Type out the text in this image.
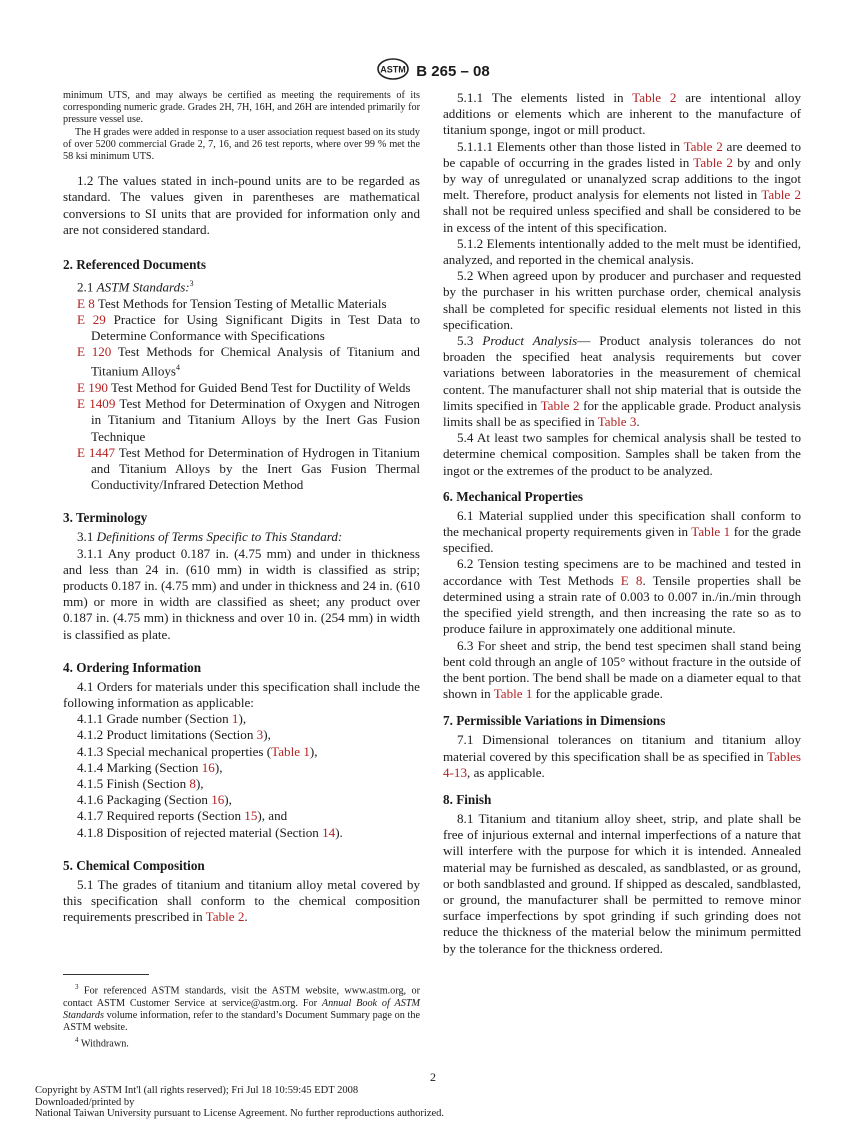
ASTM B 265 – 08

minimum UTS, and may always be certified as meeting the requirements of its corresponding numeric grade. Grades 2H, 7H, 16H, and 26H are intended primarily for pressure vessel use.

The H grades were added in response to a user association request based on its study of over 5200 commercial Grade 2, 7, 16, and 26 test reports, where over 99 % met the 58 ksi minimum UTS.

1.2 The values stated in inch-pound units are to be regarded as standard. The values given in parentheses are mathematical conversions to SI units that are provided for information only and are not considered standard.

2. Referenced Documents

2.1 ASTM Standards:$^3$

E 8 Test Methods for Tension Testing of Metallic Materials

E 29 Practice for Using Significant Digits in Test Data to Determine Conformance with Specifications

E 120 Test Methods for Chemical Analysis of Titanium and Titanium Alloys$^4$

E 190 Test Method for Guided Bend Test for Ductility of Welds

E 1409 Test Method for Determination of Oxygen and Nitrogen in Titanium and Titanium Alloys by the Inert Gas Fusion Technique

E 1447 Test Method for Determination of Hydrogen in Titanium and Titanium Alloys by the Inert Gas Fusion Thermal Conductivity/Infrared Detection Method

3. Terminology

3.1 Definitions of Terms Specific to This Standard:

3.1.1 Any product 0.187 in. (4.75 mm) and under in thickness and less than 24 in. (610 mm) in width is classified as strip; products 0.187 in. (4.75 mm) and under in thickness and 24 in. (610 mm) or more in width are classified as sheet; any product over 0.187 in. (4.75 mm) in thickness and over 10 in. (254 mm) in width is classified as plate.

4. Ordering Information

4.1 Orders for materials under this specification shall include the following information as applicable:

4.1.1 Grade number (Section 1),

4.1.2 Product limitations (Section 3),

4.1.3 Special mechanical properties (Table 1),

4.1.4 Marking (Section 16),

4.1.5 Finish (Section 8),

4.1.6 Packaging (Section 16),

4.1.7 Required reports (Section 15), and

4.1.8 Disposition of rejected material (Section 14).

5. Chemical Composition

5.1 The grades of titanium and titanium alloy metal covered by this specification shall conform to the chemical composition requirements prescribed in Table 2.

$^3$ For referenced ASTM standards, visit the ASTM website, www.astm.org, or contact ASTM Customer Service at service@astm.org. For Annual Book of ASTM Standards volume information, refer to the standard’s Document Summary page on the ASTM website.

$^4$ Withdrawn.

5.1.1 The elements listed in Table 2 are intentional alloy additions or elements which are inherent to the manufacture of titanium sponge, ingot or mill product.

5.1.1.1 Elements other than those listed in Table 2 are deemed to be capable of occurring in the grades listed in Table 2 by and only by way of unregulated or unanalyzed scrap additions to the ingot melt. Therefore, product analysis for elements not listed in Table 2 shall not be required unless specified and shall be considered to be in excess of the intent of this specification.

5.1.2 Elements intentionally added to the melt must be identified, analyzed, and reported in the chemical analysis.

5.2 When agreed upon by producer and purchaser and requested by the purchaser in his written purchase order, chemical analysis shall be completed for specific residual elements not listed in this specification.

5.3 Product Analysis— Product analysis tolerances do not broaden the specified heat analysis requirements but cover variations between laboratories in the measurement of chemical content. The manufacturer shall not ship material that is outside the limits specified in Table 2 for the applicable grade. Product analysis limits shall be as specified in Table 3.

5.4 At least two samples for chemical analysis shall be tested to determine chemical composition. Samples shall be taken from the ingot or the extremes of the product to be analyzed.

6. Mechanical Properties

6.1 Material supplied under this specification shall conform to the mechanical property requirements given in Table 1 for the grade specified.

6.2 Tension testing specimens are to be machined and tested in accordance with Test Methods E 8. Tensile properties shall be determined using a strain rate of 0.003 to 0.007 in./in./min through the specified yield strength, and then increasing the rate so as to produce failure in approximately one additional minute.

6.3 For sheet and strip, the bend test specimen shall stand being bent cold through an angle of 105° without fracture in the outside of the bent portion. The bend shall be made on a diameter equal to that shown in Table 1 for the applicable grade.

7. Permissible Variations in Dimensions

7.1 Dimensional tolerances on titanium and titanium alloy material covered by this specification shall be as specified in Tables 4-13, as applicable.

8. Finish

8.1 Titanium and titanium alloy sheet, strip, and plate shall be free of injurious external and internal imperfections of a nature that will interfere with the purpose for which it is intended. Annealed material may be furnished as descaled, as sandblasted, or as ground, or both sandblasted and ground. If shipped as descaled, sandblasted, or ground, the manufacturer shall be permitted to remove minor surface imperfections by spot grinding if such grinding does not reduce the thickness of the material below the minimum permitted by the tolerance for the thickness ordered.

2
Copyright by ASTM Int'l (all rights reserved); Fri Jul 18 10:59:45 EDT 2008
Downloaded/printed by
National Taiwan University pursuant to License Agreement. No further reproductions authorized.
